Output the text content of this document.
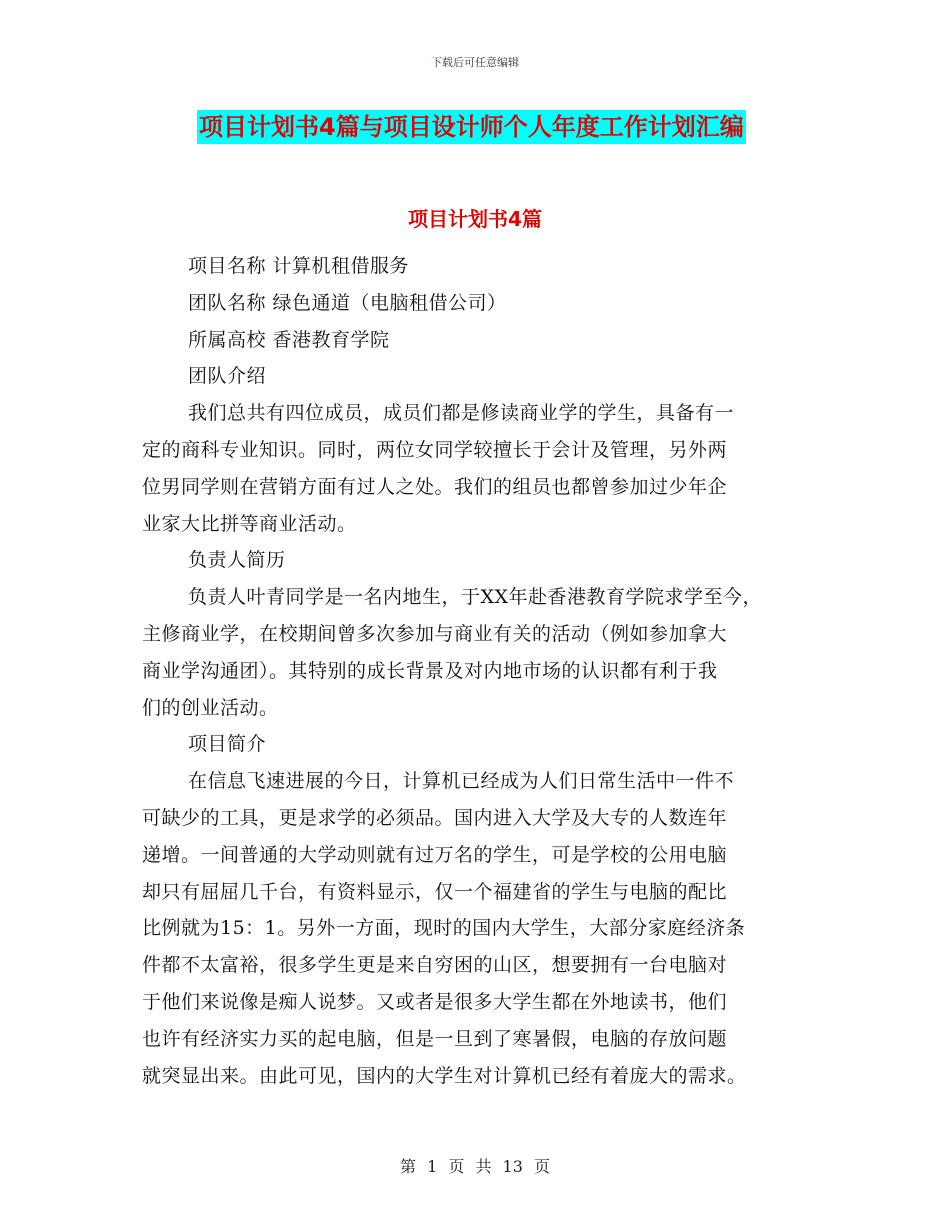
下载后可任意编辑
项目计划书4篇与项目设计师个人年度工作计划汇编
项目计划书4篇
项目名称 计算机租借服务
团队名称 绿色通道（电脑租借公司）
所属高校 香港教育学院
团队介绍
我们总共有四位成员，成员们都是修读商业学的学生，具备有一
定的商科专业知识。同时，两位女同学较擅长于会计及管理，另外两
位男同学则在营销方面有过人之处。我们的组员也都曾参加过少年企
业家大比拼等商业活动。
负责人简历
负责人叶青同学是一名内地生，于XX年赴香港教育学院求学至今，
主修商业学，在校期间曾多次参加与商业有关的活动（例如参加拿大
商业学沟通团）。其特别的成长背景及对内地市场的认识都有利于我
们的创业活动。
项目简介
在信息飞速进展的今日，计算机已经成为人们日常生活中一件不
可缺少的工具，更是求学的必须品。国内进入大学及大专的人数连年
递增。一间普通的大学动则就有过万名的学生，可是学校的公用电脑
却只有屈屈几千台，有资料显示，仅一个福建省的学生与电脑的配比
比例就为15：1。另外一方面，现时的国内大学生，大部分家庭经济条
件都不太富裕，很多学生更是来自穷困的山区，想要拥有一台电脑对
于他们来说像是痴人说梦。又或者是很多大学生都在外地读书，他们
也许有经济实力买的起电脑，但是一旦到了寒暑假，电脑的存放问题
就突显出来。由此可见，国内的大学生对计算机已经有着庞大的需求。
第 1 页 共 13 页
